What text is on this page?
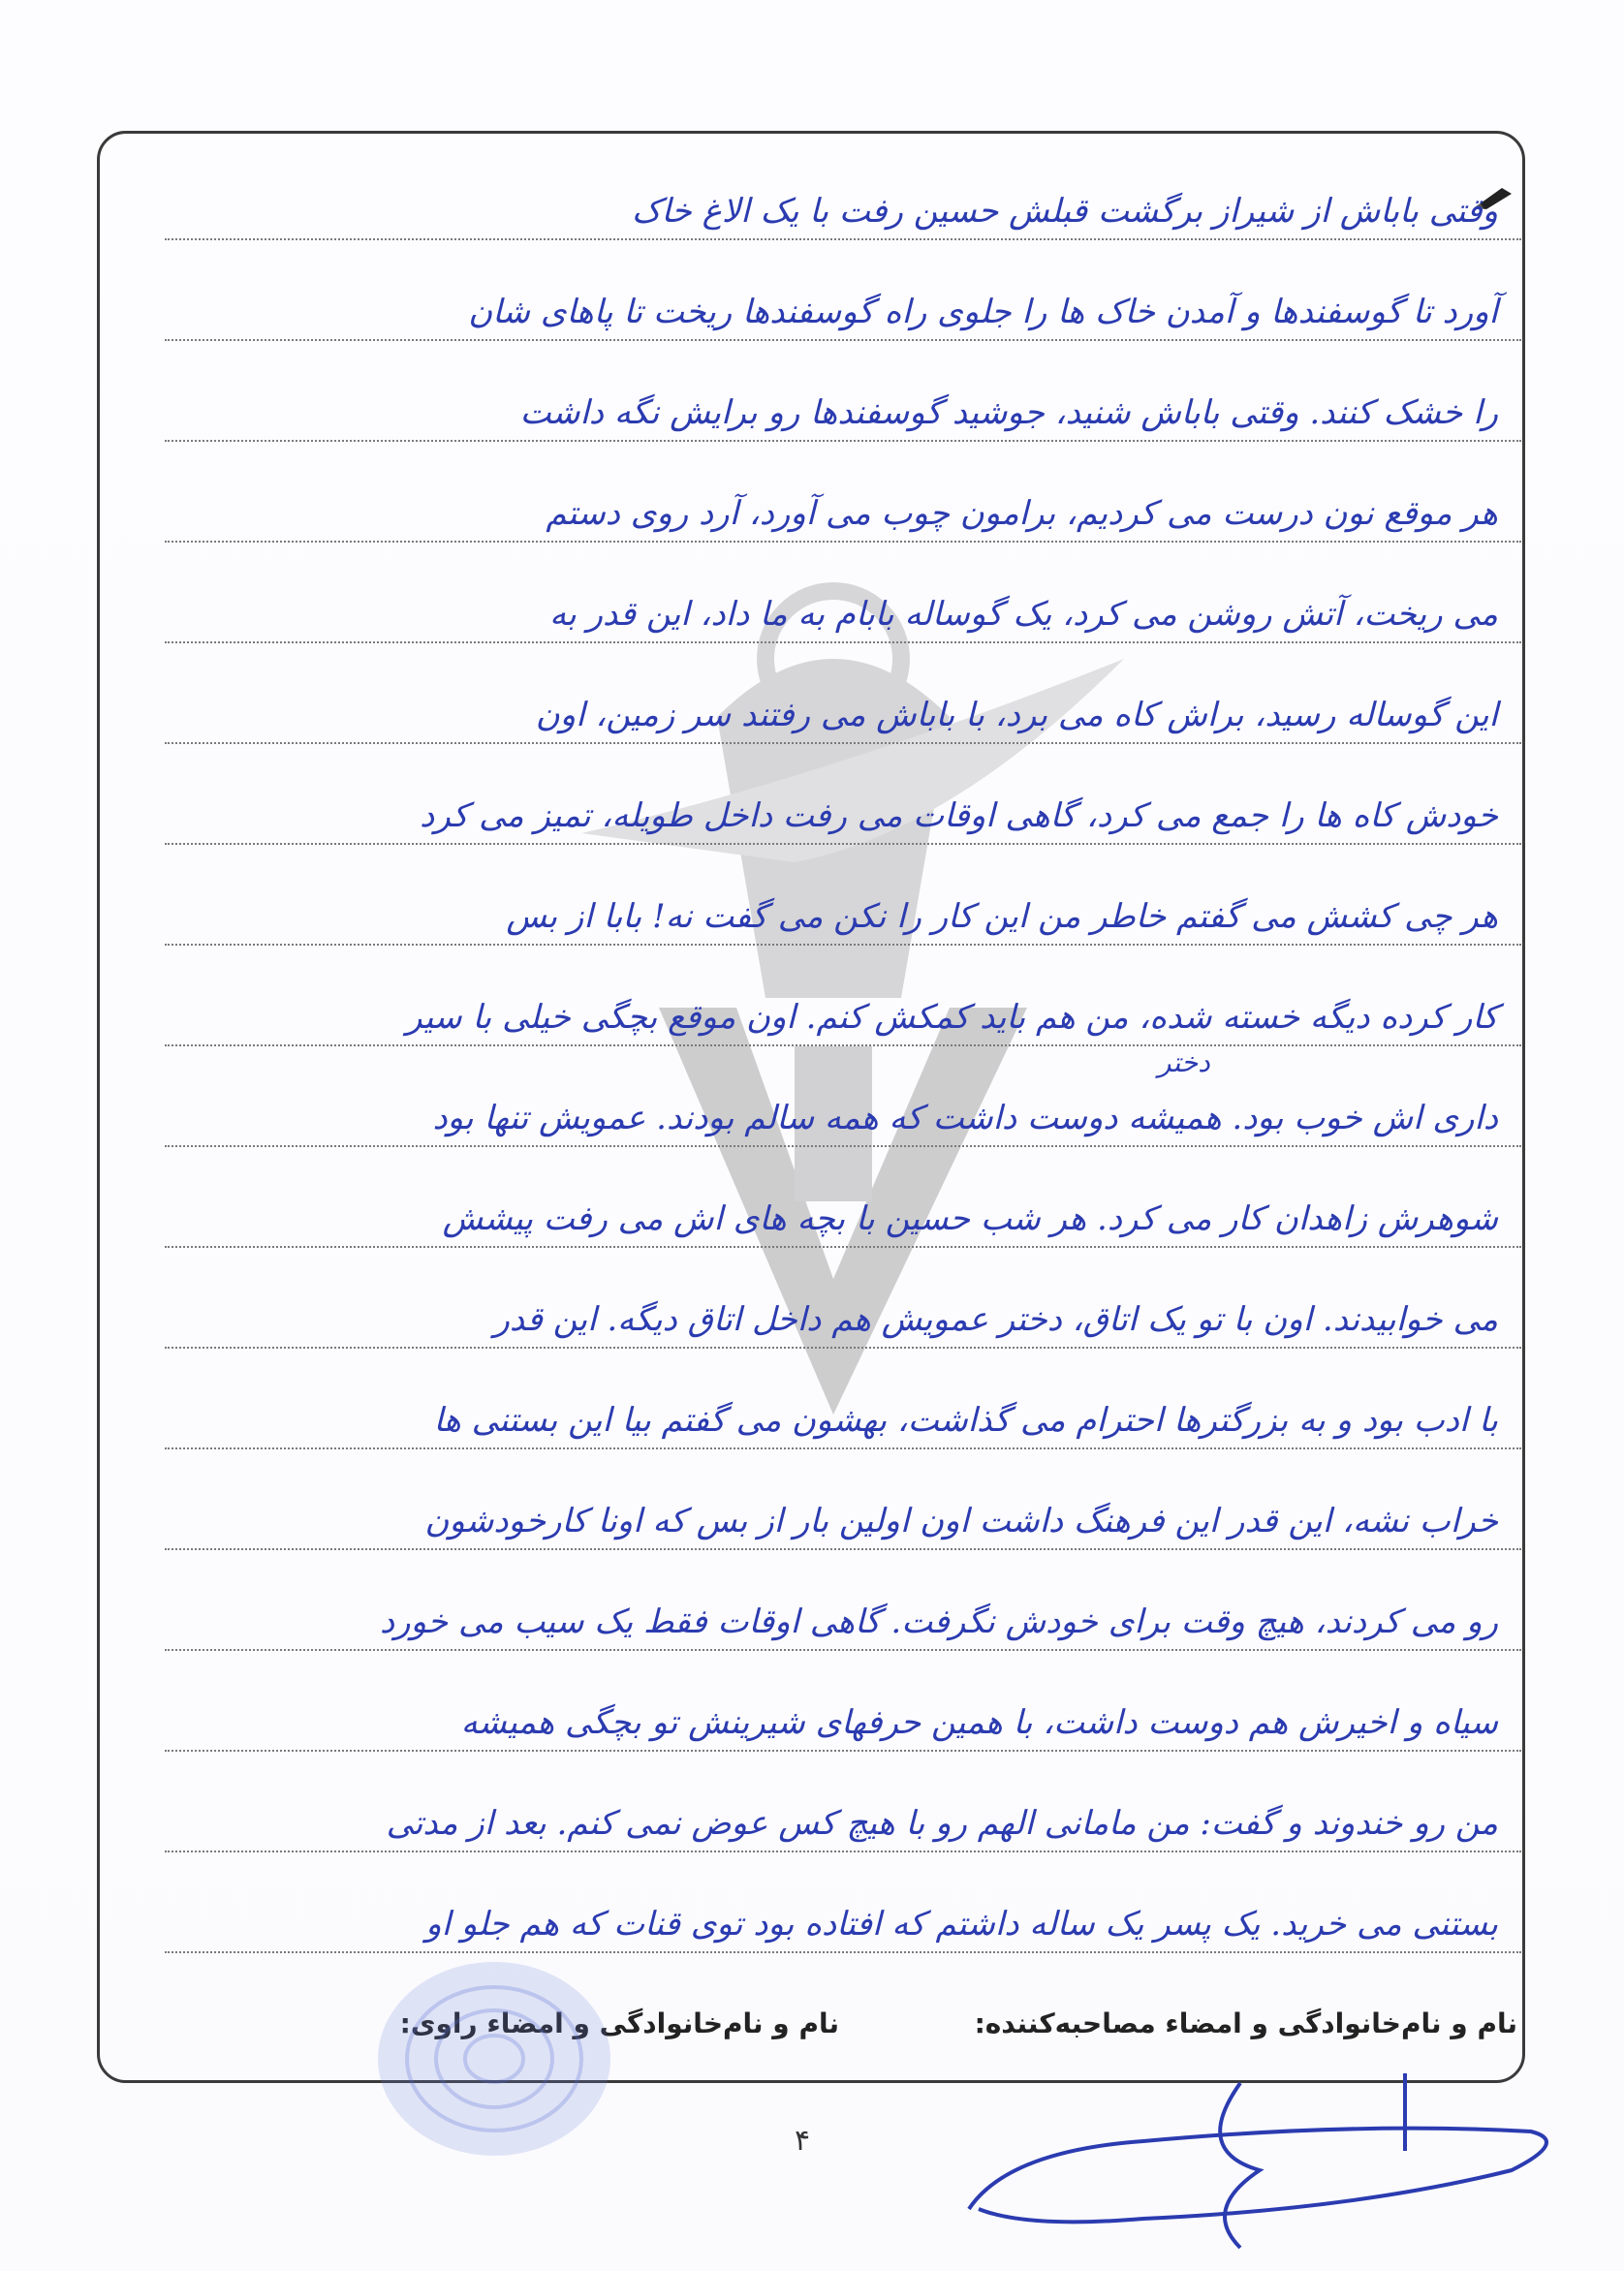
وقتی باباش از شیراز برگشت قبلش حسین رفت با یک الاغ خاک
آورد تا گوسفندها و آمدن خاک ها را جلوی راه گوسفندها ریخت تا پاهای شان
را خشک کنند. وقتی باباش شنید، جوشید گوسفندها رو برایش نگه داشت
هر موقع نون درست می کردیم، برامون چوب می آورد، آرد روی دستم
می ریخت، آتش روشن می کرد، یک گوساله بابام به ما داد، این قدر به
این گوساله رسید، براش کاه می برد، با باباش می رفتند سر زمین، اون
خودش کاه ها را جمع می کرد، گاهی اوقات می رفت داخل طویله، تمیز می کرد
هر چی کشش می گفتم خاطر من این کار را نکن می گفت نه! بابا از بس
کار کرده دیگه خسته شده، من هم باید کمکش کنم. اون موقع بچگی خیلی با سیر
داری اش خوب بود. همیشه دوست داشت که همه سالم بودند. عمویش تنها بود
شوهرش زاهدان کار می کرد. هر شب حسین با بچه های اش می رفت پیشش
می خوابیدند. اون با تو یک اتاق، دختر عمویش هم داخل اتاق دیگه. این قدر
با ادب بود و به بزرگترها احترام می گذاشت، بهشون می گفتم بیا این بستنی ها
خراب نشه، این قدر این فرهنگ داشت اون اولین بار از بس که اونا کارخودشون
رو می کردند، هیچ وقت برای خودش نگرفت. گاهی اوقات فقط یک سیب می خورد
سیاه و اخیرش هم دوست داشت، با همین حرفهای شیرینش تو بچگی همیشه
من رو خندوند و گفت: من مامانی الهم رو با هیچ کس عوض نمی کنم. بعد از مدتی
بستنی می خرید. یک پسر یک ساله داشتم که افتاده بود توی قنات که هم جلو او
دختر
نام و نام‌خانوادگی و امضاء مصاحبه‌کننده:
نام و نام‌خانوادگی و امضاء راوی:
۴
